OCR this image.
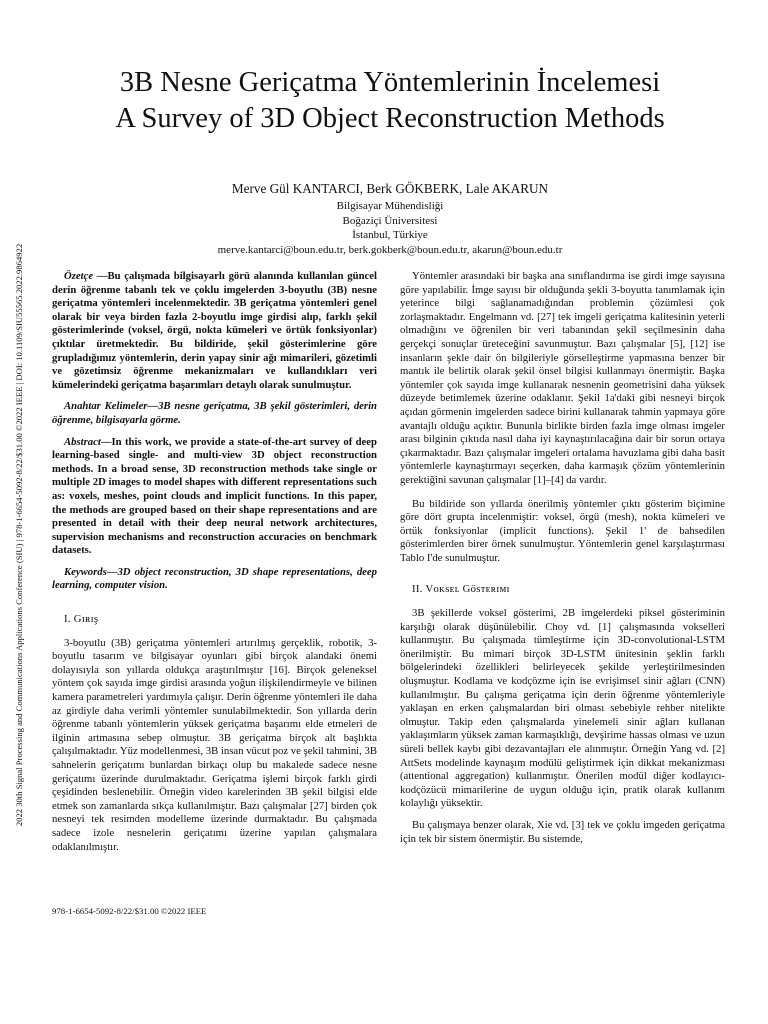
2022 30th Signal Processing and Communications Applications Conference (SIU) | 978-1-6654-5092-8/22/$31.00 ©2022 IEEE | DOI: 10.1109/SIU55565.2022.9864922
3B Nesne Geriçatma Yöntemlerinin İncelemesi
A Survey of 3D Object Reconstruction Methods
Merve Gül KANTARCI, Berk GÖKBERK, Lale AKARUN
Bilgisayar Mühendisliği
Boğaziçi Üniversitesi
İstanbul, Türkiye
merve.kantarci@boun.edu.tr, berk.gokberk@boun.edu.tr, akarun@boun.edu.tr

Özetçe —Bu çalışmada bilgisayarlı görü alanında kullanılan güncel derin öğrenme tabanlı tek ve çoklu imgelerden 3-boyutlu (3B) nesne geriçatma yöntemleri incelenmektedir. 3B geriçatma yöntemleri genel olarak bir veya birden fazla 2-boyutlu imge girdisi alıp, farklı şekil gösterimlerinde (voksel, örgü, nokta kümeleri ve örtük fonksiyonlar) çıktılar üretmektedir. Bu bildiride, şekil gösterimlerine göre grupladığımız yöntemlerin, derin yapay sinir ağı mimarileri, gözetimli ve gözetimsiz öğrenme mekanizmaları ve kullandıkları veri kümelerindeki geriçatma başarımları detaylı olarak sunulmuştur.

Anahtar Kelimeler—3B nesne geriçatma, 3B şekil gösterimleri, derin öğrenme, bilgisayarla görme.

Abstract—In this work, we provide a state-of-the-art survey of deep learning-based single- and multi-view 3D object reconstruction methods. In a broad sense, 3D reconstruction methods take single or multiple 2D images to model shapes with different representations such as: voxels, meshes, point clouds and implicit functions. In this paper, the methods are grouped based on their shape representations and are presented in detail with their deep neural network architectures, supervision mechanisms and reconstruction accuracies on benchmark datasets.

Keywords—3D object reconstruction, 3D shape representations, deep learning, computer vision.

I. Gɪʀɪş

3-boyutlu (3B) geriçatma yöntemleri artırılmış gerçeklik, robotik, 3-boyutlu tasarım ve bilgisayar oyunları gibi birçok alandaki önemi dolayısıyla son yıllarda oldukça araştırılmıştır [16]. Birçok geleneksel yöntem çok sayıda imge girdisi arasında yoğun ilişkilendirmeyle ve bilinen kamera parametreleri yardımıyla çalışır. Derin öğrenme yöntemleri ile daha az girdiyle daha verimli yöntemler sunulabilmektedir. Son yıllarda derin öğrenme tabanlı yöntemlerin yüksek geriçatma başarımı elde etmeleri de ilginin artmasına sebep olmuştur. 3B geriçatma birçok alt başlıkta çalışılmaktadır. Yüz modellenmesi, 3B insan vücut poz ve şekil tahmini, 3B sahnelerin geriçatımı bunlardan birkaçı olup bu makalede sadece nesne geriçatımı üzerinde durulmaktadır. Geriçatma işlemi birçok farklı girdi çeşidinden beslenebilir. Örneğin video karelerinden 3B şekil bilgisi elde etmek son zamanlarda sıkça kullanılmıştır. Bazı çalışmalar [27] birden çok nesneyi tek resimden modelleme üzerinde durmaktadır. Bu çalışmada sadece izole nesnelerin geriçatımı üzerine yapılan çalışmalara odaklanılmıştır.

978-1-6654-5092-8/22/$31.00 ©2022 IEEE

Yöntemler arasındaki bir başka ana sınıflandırma ise girdi imge sayısına göre yapılabilir. İmge sayısı bir olduğunda şekli 3-boyutta tanımlamak için yeterince bilgi sağlanamadığından problemin çözümlesi çok zorlaşmaktadır. Engelmann vd. [27] tek imgeli geriçatma kalitesinin yeterli olmadığını ve öğrenilen bir veri tabanından şekil seçilmesinin daha gerçekçi sonuçlar üreteceğini savunmuştur. Bazı çalışmalar [5], [12] ise insanların şekle dair ön bilgileriyle görselleştirme yapmasına benzer bir mantık ile belirtik olarak şekil önsel bilgisi kullanmayı önermiştir. Başka yöntemler çok sayıda imge kullanarak nesnenin geometrisini daha yüksek düzeyde betimlemek üzerine odaklanır. Şekil 1a'daki gibi nesneyi birçok açıdan görmenin imgelerden sadece birini kullanarak tahmin yapmaya göre avantajlı olduğu açıktır. Bununla birlikte birden fazla imge olması imgeler arası bilginin çıktıda nasıl daha iyi kaynaştırılacağına dair bir sorun ortaya çıkarmaktadır. Bazı çalışmalar imgeleri ortalama havuzlama gibi daha basit yöntemlerle kaynaştırmayı seçerken, daha karmaşık çözüm yöntemlerinin gerektiğini savunan çalışmalar [1]–[4] da vardır.

Bu bildiride son yıllarda önerilmiş yöntemler çıktı gösterim biçimine göre dört grupta incelenmiştir: voksel, örgü (mesh), nokta kümeleri ve örtük fonksiyonlar (implicit functions). Şekil 1' de bahsedilen gösterimlerden birer örnek sunulmuştur. Yöntemlerin genel karşılaştırması Tablo I'de sunulmuştur.

II. Vᴏᴋsᴇʟ Gösᴛᴇʀɪᴍɪ

3B şekillerde voksel gösterimi, 2B imgelerdeki piksel gösteriminin karşılığı olarak düşünülebilir. Choy vd. [1] çalışmasında vokselleri kullanmıştır. Bu çalışmada tümleştirme için 3D-convolutional-LSTM önerilmiştir. Bu mimari birçok 3D-LSTM ünitesinin şeklin farklı bölgelerindeki özellikleri belirleyecek şekilde yerleştirilmesinden oluşmuştur. Kodlama ve kodçözme için ise evrişimsel sinir ağları (CNN) kullanılmıştır. Bu çalışma geriçatma için derin öğrenme yöntemleriyle yaklaşan en erken çalışmalardan biri olması sebebiyle rehber nitelikte olmuştur. Takip eden çalışmalarda yinelemeli sinir ağları kullanan yaklaşımların yüksek zaman karmaşıklığı, devşirime hassas olması ve uzun süreli bellek kaybı gibi dezavantajları ele alınmıştır. Örneğin Yang vd. [2] AttSets modelinde kaynaşım modülü geliştirmek için dikkat mekanizması (attentional aggregation) kullanmıştır. Önerilen modül diğer kodlayıcı-kodçözücü mimarilerine de uygun olduğu için, pratik olarak kullanım kolaylığı yüksektir.

Bu çalışmaya benzer olarak, Xie vd. [3] tek ve çoklu imgeden geriçatma için tek bir sistem önermiştir. Bu sistemde,
